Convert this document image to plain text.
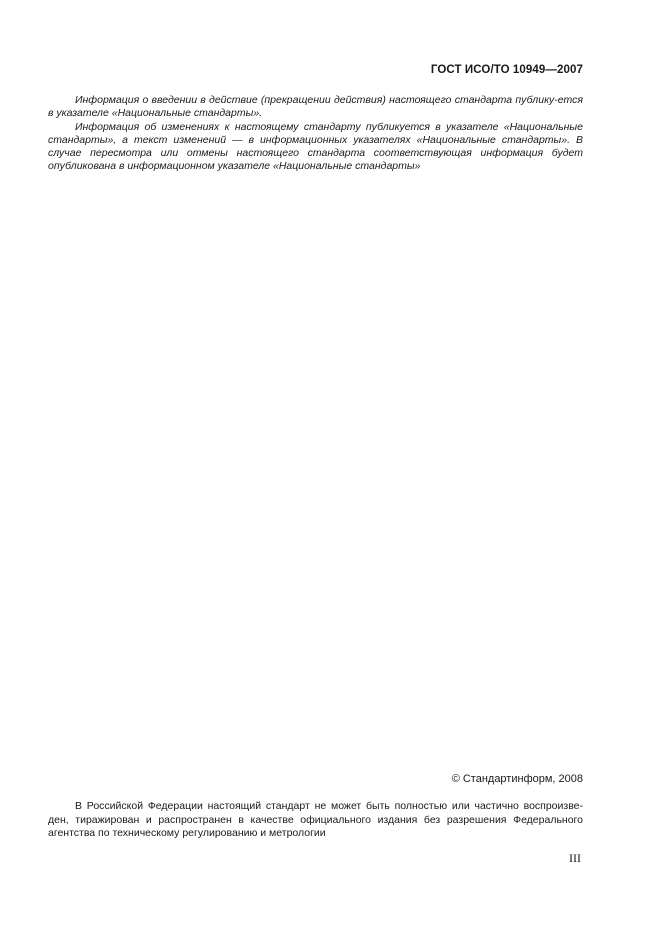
ГОСТ ИСО/ТО 10949—2007

Информация о введении в действие (прекращении действия) настоящего стандарта публику-ется в указателе «Национальные стандарты».

Информация об изменениях к настоящему стандарту публикуется в указателе «Национальные стандарты», а текст изменений — в информационных указателях «Национальные стандарты». В случае пересмотра или отмены настоящего стандарта соответствующая информация будет опубликована в информационном указателе «Национальные стандарты»

© Стандартинформ, 2008

В Российской Федерации настоящий стандарт не может быть полностью или частично воспроизве-ден, тиражирован и распространен в качестве официального издания без разрешения Федерального агентства по техническому регулированию и метрологии

III
